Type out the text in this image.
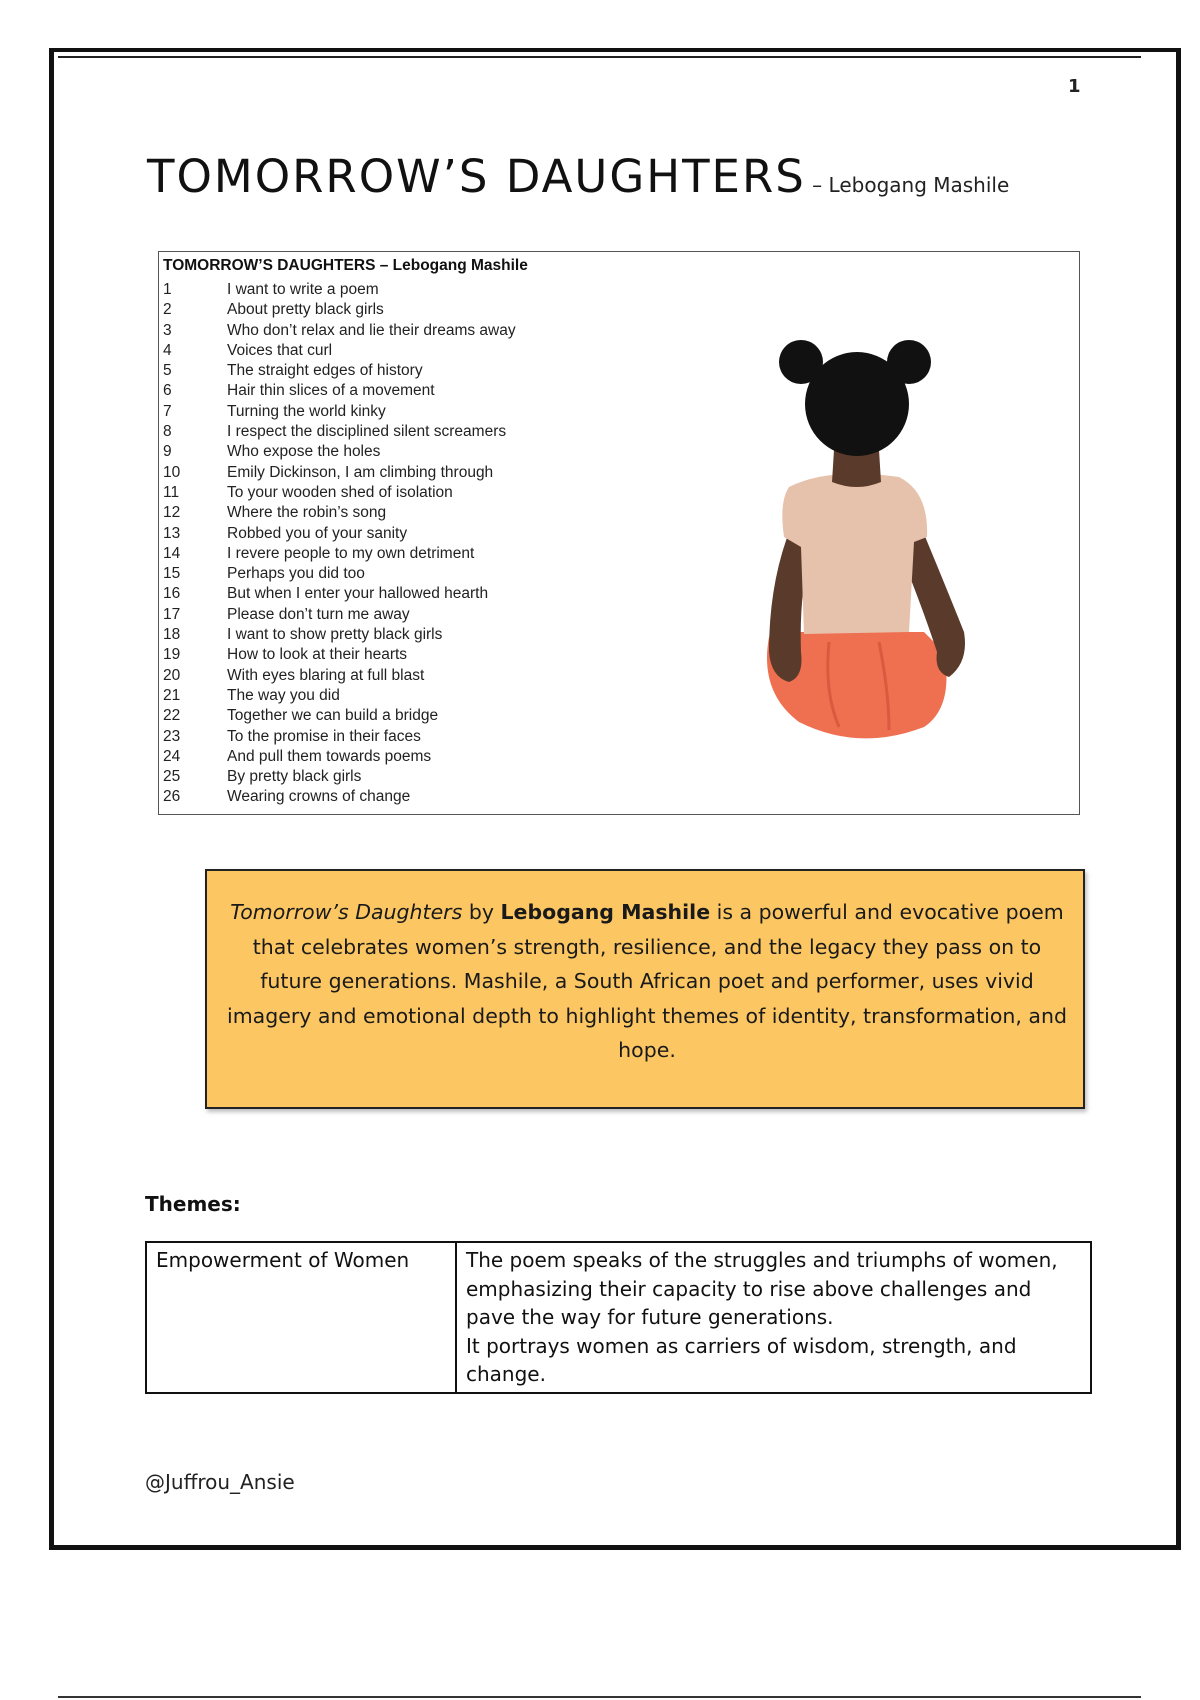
1
TOMORROW’S DAUGHTERS – Lebogang Mashile
TOMORROW’S DAUGHTERS – Lebogang Mashile
1	I want to write a poem
2	About pretty black girls
3	Who don’t relax and lie their dreams away
4	Voices that curl
5	The straight edges of history
6	Hair thin slices of a movement
7	Turning the world kinky
8	I respect the disciplined silent screamers
9	Who expose the holes
10	Emily Dickinson, I am climbing through
11	To your wooden shed of isolation
12	Where the robin’s song
13	Robbed you of your sanity
14	I revere people to my own detriment
15	Perhaps you did too
16	But when I enter your hallowed hearth
17	Please don’t turn me away
18	I want to show pretty black girls
19	How to look at their hearts
20	With eyes blaring at full blast
21	The way you did
22	Together we can build a bridge
23	To the promise in their faces
24	And pull them towards poems
25	By pretty black girls
26	Wearing crowns of change
Tomorrow’s Daughters by Lebogang Mashile is a powerful and evocative poem that celebrates women’s strength, resilience, and the legacy they pass on to future generations. Mashile, a South African poet and performer, uses vivid imagery and emotional depth to highlight themes of identity, transformation, and hope.
Themes:
Empowerment of Women	The poem speaks of the struggles and triumphs of women, emphasizing their capacity to rise above challenges and pave the way for future generations.
It portrays women as carriers of wisdom, strength, and change.
@Juffrou_Ansie
